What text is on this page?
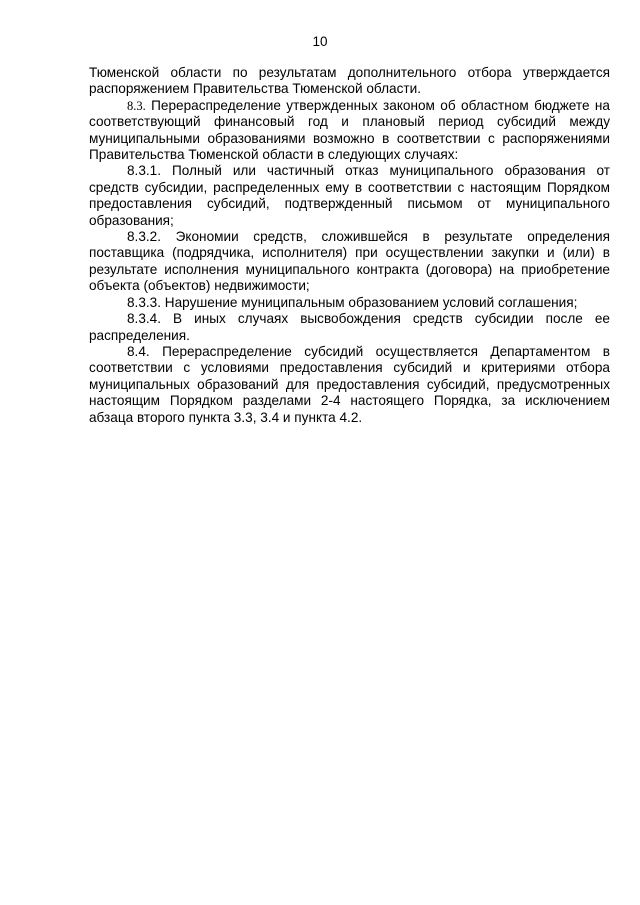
10

Тюменской области по результатам дополнительного отбора утверждается распоряжением Правительства Тюменской области.

8.3. Перераспределение утвержденных законом об областном бюджете на соответствующий финансовый год и плановый период субсидий между муниципальными образованиями возможно в соответствии с распоряжениями Правительства Тюменской области в следующих случаях:

8.3.1. Полный или частичный отказ муниципального образования от средств субсидии, распределенных ему в соответствии с настоящим Порядком предоставления субсидий, подтвержденный письмом от муниципального образования;

8.3.2. Экономии средств, сложившейся в результате определения поставщика (подрядчика, исполнителя) при осуществлении закупки и (или) в результате исполнения муниципального контракта (договора) на приобретение объекта (объектов) недвижимости;

8.3.3. Нарушение муниципальным образованием условий соглашения;

8.3.4. В иных случаях высвобождения средств субсидии после ее распределения.

8.4. Перераспределение субсидий осуществляется Департаментом в соответствии с условиями предоставления субсидий и критериями отбора муниципальных образований для предоставления субсидий, предусмотренных настоящим Порядком разделами 2-4 настоящего Порядка, за исключением абзаца второго пункта 3.3, 3.4 и пункта 4.2.
